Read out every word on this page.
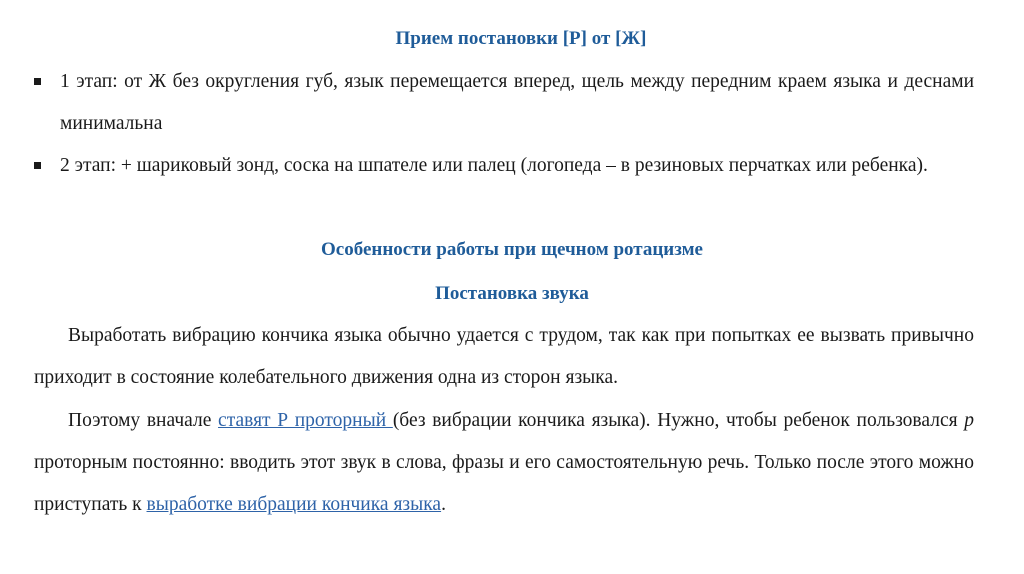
Прием постановки [Р] от [Ж]
1 этап: от Ж без округления губ, язык перемещается вперед, щель между передним краем языка и деснами минимальна
2 этап: + шариковый зонд, соска на шпателе или палец (логопеда – в резиновых перчатках или ребенка).
Особенности работы при щечном ротацизме
Постановка звука
Выработать вибрацию кончика языка обычно удается с трудом, так как при попытках ее вызвать привычно приходит в состояние колебательного движения одна из сторон языка.
Поэтому вначале ставят Р проторный (без вибрации кончика языка). Нужно, чтобы ребенок пользовался р проторным постоянно: вводить этот звук в слова, фразы и его самостоятельную речь. Только после этого можно приступать к выработке вибрации кончика языка.
